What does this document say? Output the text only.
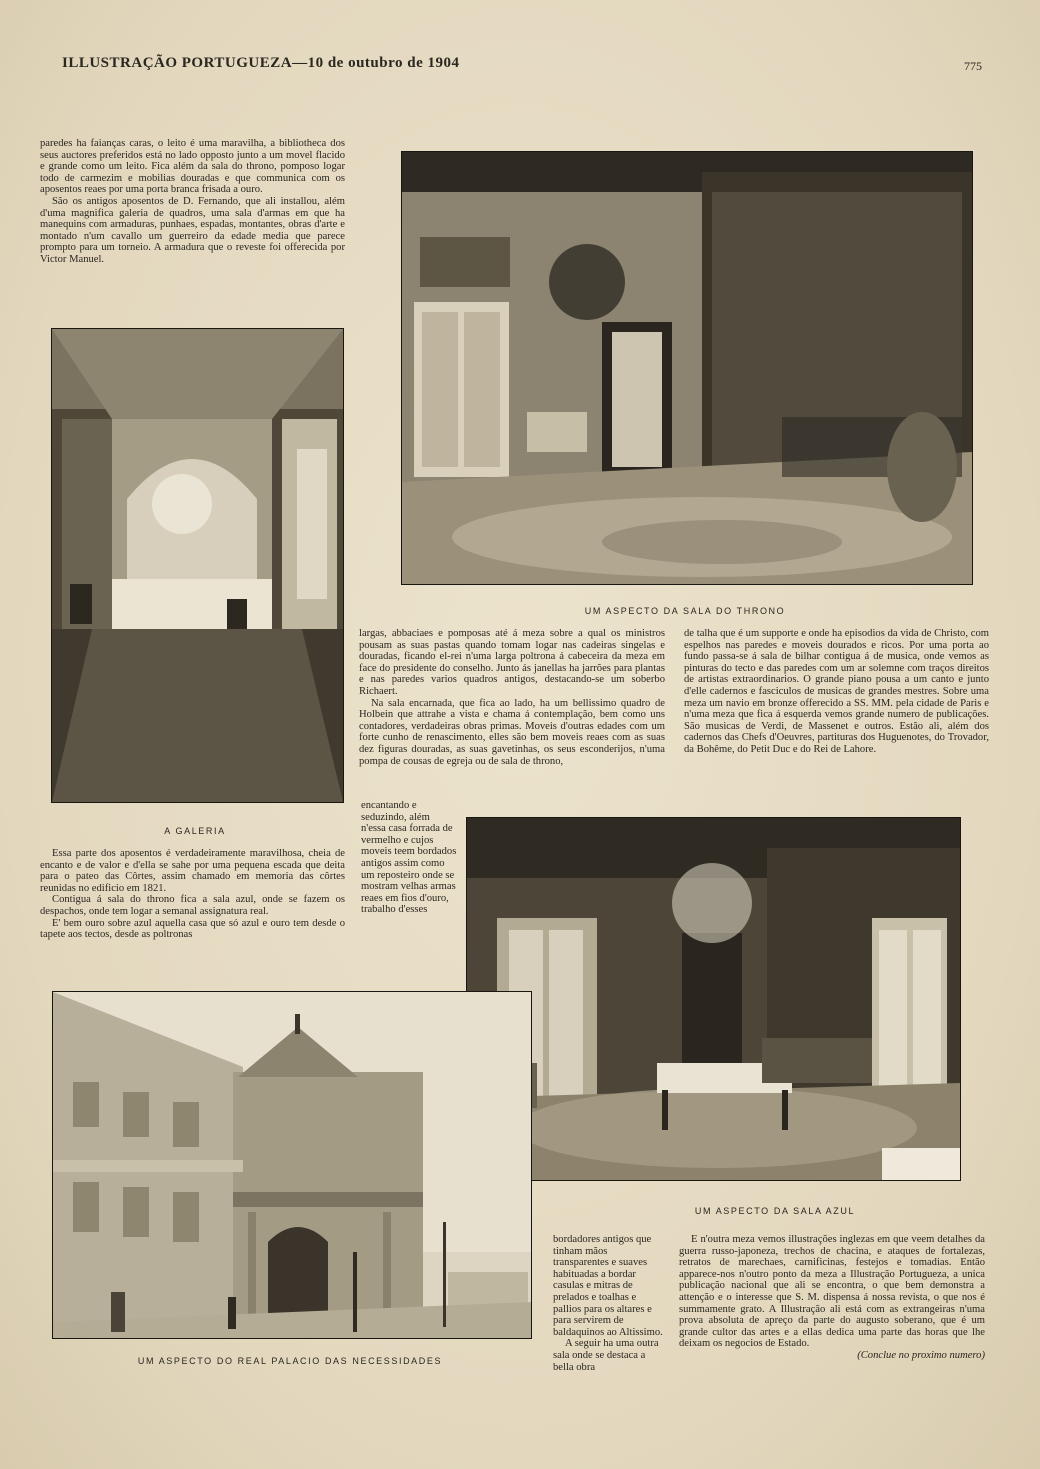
ILLUSTRAÇÃO PORTUGUEZA—10 de outubro de 1904	775

paredes ha faianças caras, o leito é uma maravilha, a bibliotheca dos seus auctores preferidos está no lado opposto junto a um movel flacido e grande como um leito. Fica além da sala do throno, pomposo logar todo de carmezim e mobilias douradas e que communica com os aposentos reaes por uma porta branca frisada a ouro.

São os antigos aposentos de D. Fernando, que ali installou, além d'uma magnifica galeria de quadros, uma sala d'armas em que ha manequins com armaduras, punhaes, espadas, montantes, obras d'arte e montado n'um cavallo um guerreiro da edade media que parece prompto para um torneio. A armadura que o reveste foi offerecida por Victor Manuel.

UM ASPECTO DA SALA DO THRONO

largas, abbaciaes e pomposas até á meza sobre a qual os ministros pousam as suas pastas quando tomam logar nas cadeiras singelas e douradas, ficando el-rei n'uma larga poltrona á cabeceira da meza em face do presidente do conselho. Junto ás janellas ha jarrões para plantas e nas paredes varios quadros antigos, destacando-se um soberbo Richaert.

Na sala encarnada, que fica ao lado, ha um bellissimo quadro de Holbein que attrahe a vista e chama á contemplação, bem como uns contadores, verdadeiras obras primas. Moveis d'outras edades com um forte cunho de renascimento, elles são bem moveis reaes com as suas dez figuras douradas, as suas gavetinhas, os seus esconderijos, n'uma pompa de cousas de egreja ou de sala de throno,

de talha que é um supporte e onde ha episodios da vida de Christo, com espelhos nas paredes e moveis dourados e ricos. Por uma porta ao fundo passa-se á sala de bilhar contigua á de musica, onde vemos as pinturas do tecto e das paredes com um ar solemne com traços direitos de artistas extraordinarios. O grande piano pousa a um canto e junto d'elle cadernos e fasciculos de musicas de grandes mestres. Sobre uma meza um navio em bronze offerecido a SS. MM. pela cidade de Paris e n'uma meza que fica á esquerda vemos grande numero de publicações. São musicas de Verdi, de Massenet e outros. Estão ali, além dos cadernos das Chefs d'Oeuvres, partituras dos Huguenotes, do Trovador, da Bohême, do Petit Duc e do Rei de Lahore.

A GALERIA

Essa parte dos aposentos é verdadeiramente maravilhosa, cheia de encanto e de valor e d'ella se sahe por uma pequena escada que deita para o pateo das Côrtes, assim chamado em memoria das côrtes reunidas no edificio em 1821.

Contigua á sala do throno fica a sala azul, onde se fazem os despachos, onde tem logar a semanal assignatura real.

E' bem ouro sobre azul aquella casa que só azul e ouro tem desde o tapete aos tectos, desde as poltronas

encantando e seduzindo, além n'essa casa forrada de vermelho e cujos moveis teem bordados antigos assim como um reposteiro onde se mostram velhas armas reaes em fios d'ouro, trabalho d'esses

UM ASPECTO DA SALA AZUL

bordadores antigos que tinham mãos transparentes e suaves habituadas a bordar casulas e mitras de prelados e toalhas e pallios para os altares e para servirem de baldaquinos ao Altissimo.

A seguir ha uma outra sala onde se destaca a bella obra

E n'outra meza vemos illustrações inglezas em que veem detalhes da guerra russo-japoneza, trechos de chacina, e ataques de fortalezas, retratos de marechaes, carnificinas, festejos e tomadias. Então apparece-nos n'outro ponto da meza a Illustração Portugueza, a unica publicação nacional que ali se encontra, o que bem demonstra a attenção e o interesse que S. M. dispensa á nossa revista, o que nos é summamente grato. A Illustração ali está com as extrangeiras n'uma prova absoluta de apreço da parte do augusto soberano, que é um grande cultor das artes e a ellas dedica uma parte das horas que lhe deixam os negocios de Estado.

(Conclue no proximo numero)

UM ASPECTO DO REAL PALACIO DAS NECESSIDADES
